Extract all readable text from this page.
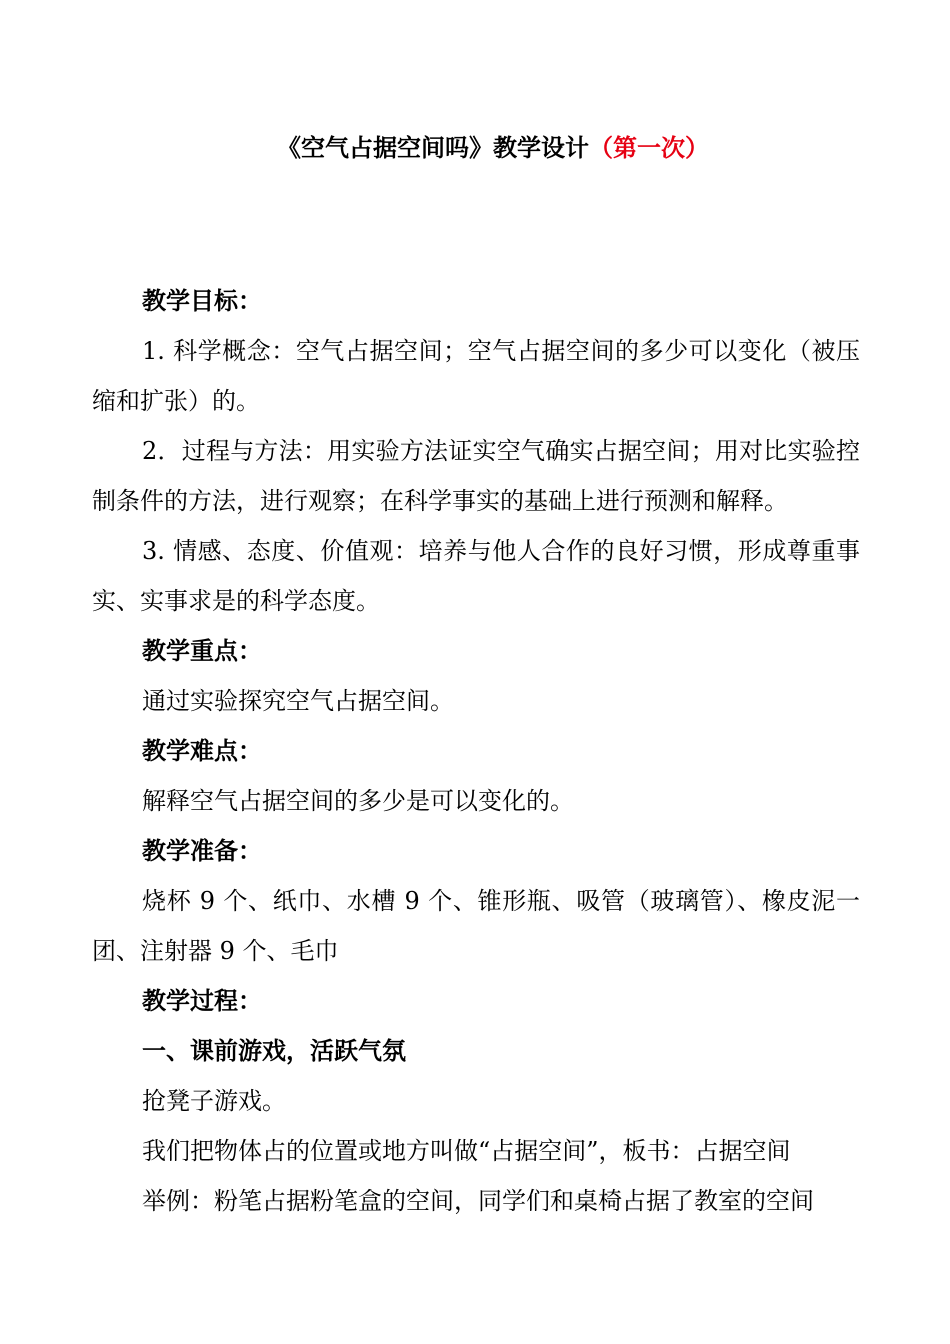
《空气占据空间吗》教学设计（第一次）

教学目标：

1. 科学概念：空气占据空间；空气占据空间的多少可以变化（被压缩和扩张）的。

2．过程与方法：用实验方法证实空气确实占据空间；用对比实验控制条件的方法，进行观察；在科学事实的基础上进行预测和解释。

3. 情感、态度、价值观：培养与他人合作的良好习惯，形成尊重事实、实事求是的科学态度。

教学重点：

通过实验探究空气占据空间。

教学难点：

解释空气占据空间的多少是可以变化的。

教学准备：

烧杯 9 个、纸巾、水槽 9 个、锥形瓶、吸管（玻璃管）、橡皮泥一团、注射器 9 个、毛巾

教学过程：

一、课前游戏，活跃气氛

抢凳子游戏。

我们把物体占的位置或地方叫做“占据空间”，板书：占据空间

举例：粉笔占据粉笔盒的空间，同学们和桌椅占据了教室的空间
